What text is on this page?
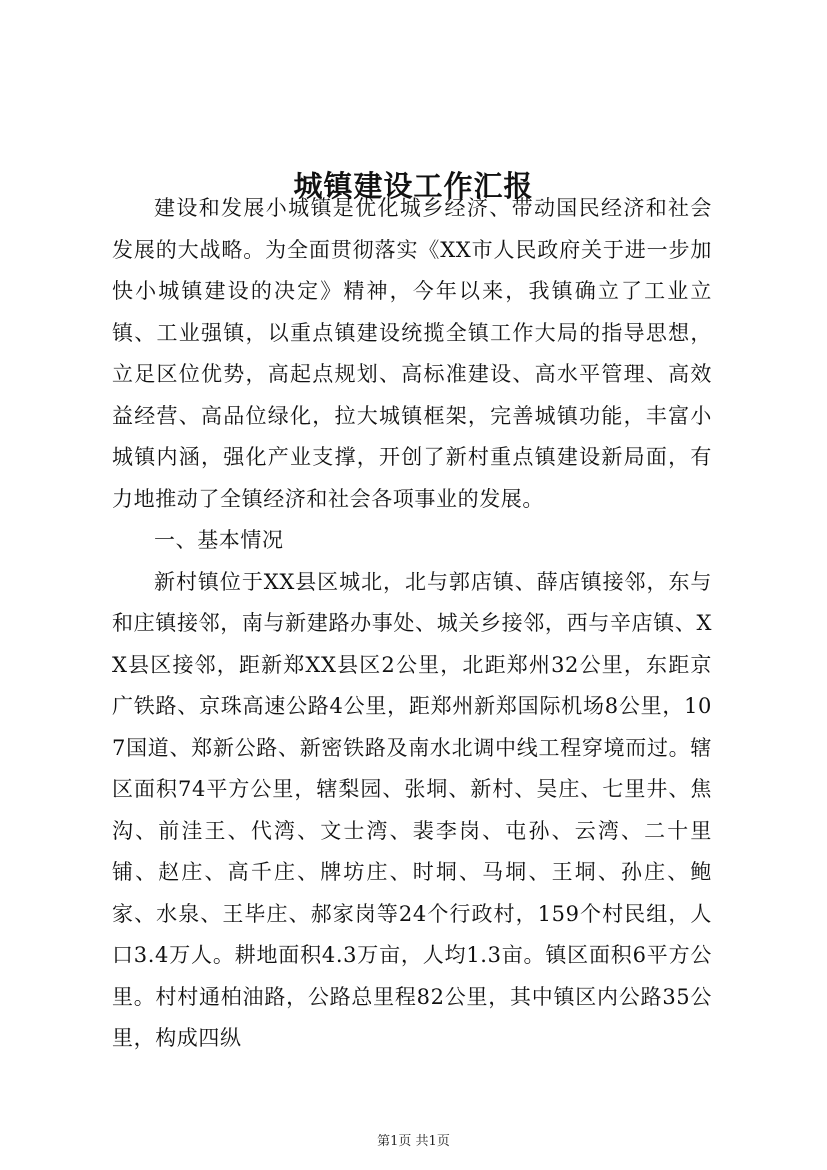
城镇建设工作汇报

建设和发展小城镇是优化城乡经济、带动国民经济和社会发展的大战略。为全面贯彻落实《XX市人民政府关于进一步加快小城镇建设的决定》精神，今年以来，我镇确立了工业立镇、工业强镇，以重点镇建设统揽全镇工作大局的指导思想，立足区位优势，高起点规划、高标准建设、高水平管理、高效益经营、高品位绿化，拉大城镇框架，完善城镇功能，丰富小城镇内涵，强化产业支撑，开创了新村重点镇建设新局面，有力地推动了全镇经济和社会各项事业的发展。

一、基本情况

新村镇位于XX县区城北，北与郭店镇、薛店镇接邻，东与和庄镇接邻，南与新建路办事处、城关乡接邻，西与辛店镇、XX县区接邻，距新郑XX县区2公里，北距郑州32公里，东距京广铁路、京珠高速公路4公里，距郑州新郑国际机场8公里，107国道、郑新公路、新密铁路及南水北调中线工程穿境而过。辖区面积74平方公里，辖梨园、张垌、新村、吴庄、七里井、焦沟、前洼王、代湾、文士湾、裴李岗、屯孙、云湾、二十里铺、赵庄、高千庄、牌坊庄、时垌、马垌、王垌、孙庄、鲍家、水泉、王毕庄、郝家岗等24个行政村，159个村民组，人口3.4万人。耕地面积4.3万亩，人均1.3亩。镇区面积6平方公里。村村通柏油路，公路总里程82公里，其中镇区内公路35公里，构成四纵

第1页 共1页
